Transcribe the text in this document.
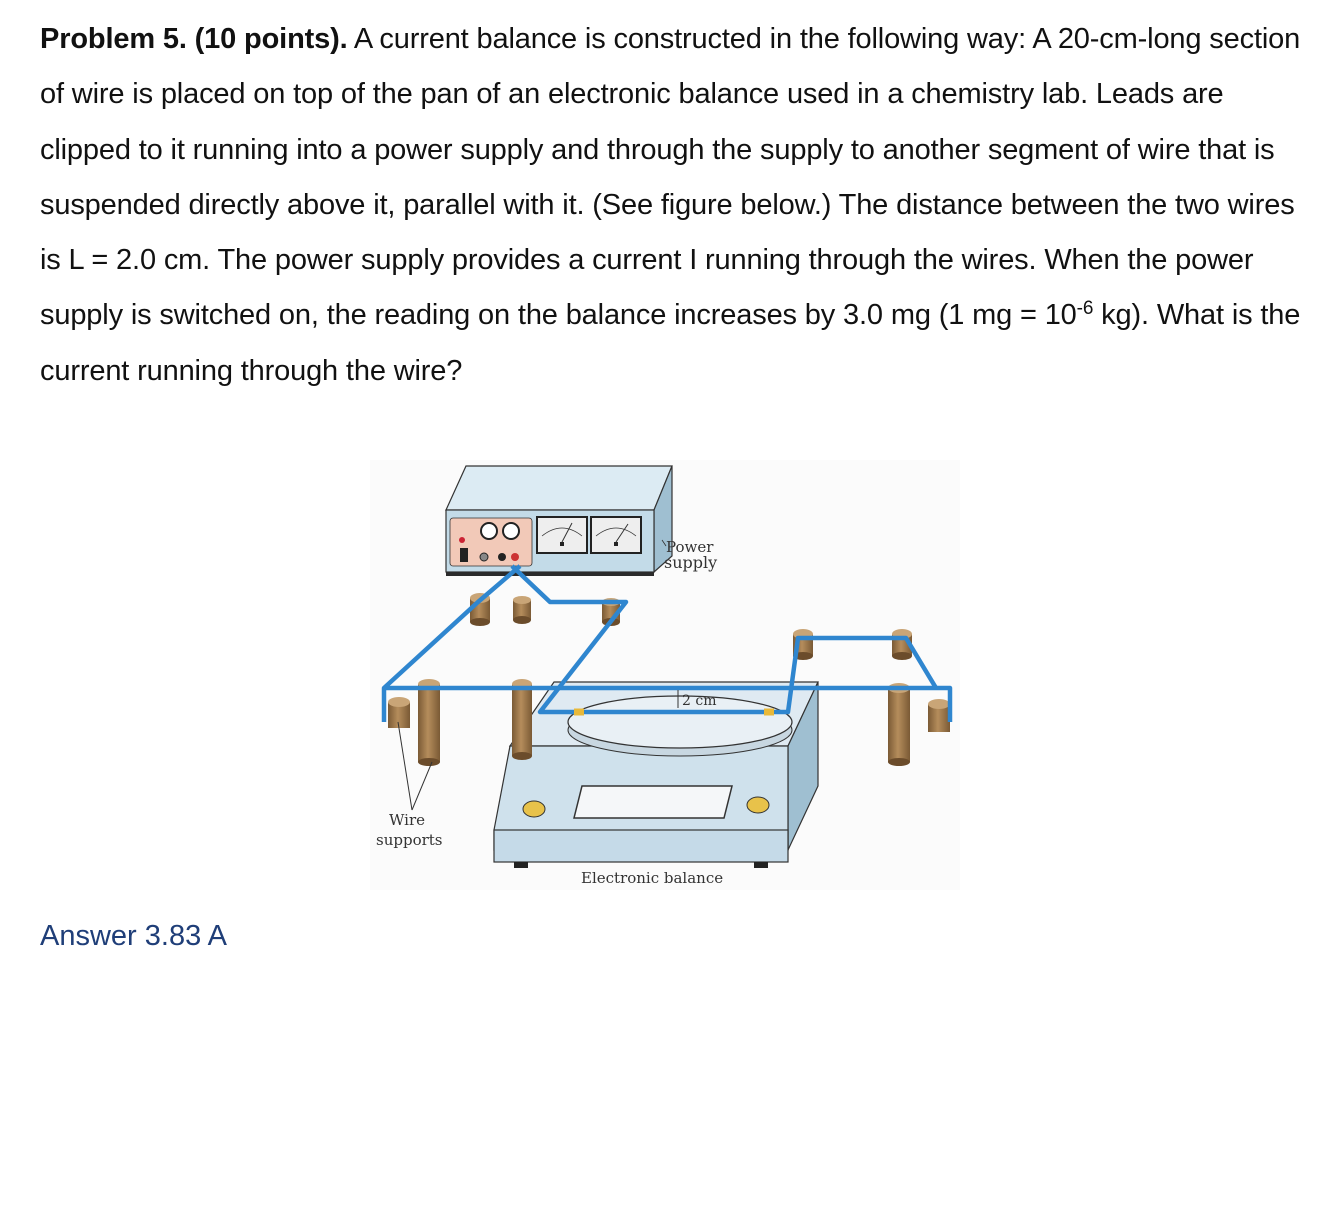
Problem 5. (10 points). A current balance is constructed in the following way: A 20-cm-long section of wire is placed on top of the pan of an electronic balance used in a chemistry lab. Leads are clipped to it running into a power supply and through the supply to another segment of wire that is suspended directly above it, parallel with it. (See figure below.) The distance between the two wires is L = 2.0 cm. The power supply provides a current I running through the wires. When the power supply is switched on, the reading on the balance increases by 3.0 mg (1 mg = $10^{-6}$ kg). What is the current running through the wire?

Power
supply
2 cm
Wire
supports
Electronic balance

Answer 3.83 A
